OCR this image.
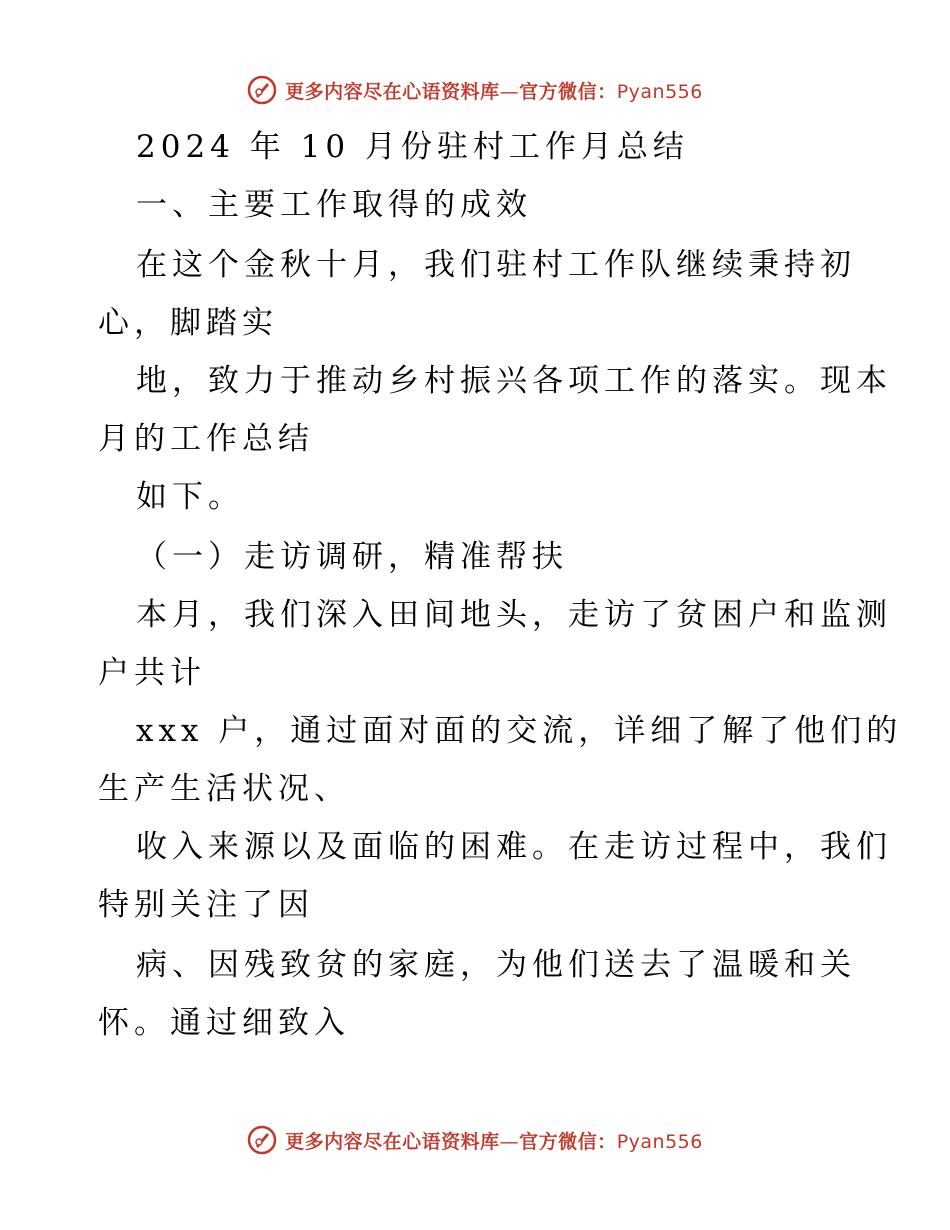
更多内容尽在心语资料库—官方微信：Pyan556
2024 年 10 月份驻村工作月总结
一、主要工作取得的成效
在这个金秋十月，我们驻村工作队继续秉持初
心，脚踏实
地，致力于推动乡村振兴各项工作的落实。现本
月的工作总结
如下。
（一）走访调研，精准帮扶
本月，我们深入田间地头，走访了贫困户和监测
户共计
xxx 户，通过面对面的交流，详细了解了他们的
生产生活状况、
收入来源以及面临的困难。在走访过程中，我们
特别关注了因
病、因残致贫的家庭，为他们送去了温暖和关
怀。通过细致入
更多内容尽在心语资料库—官方微信：Pyan556
